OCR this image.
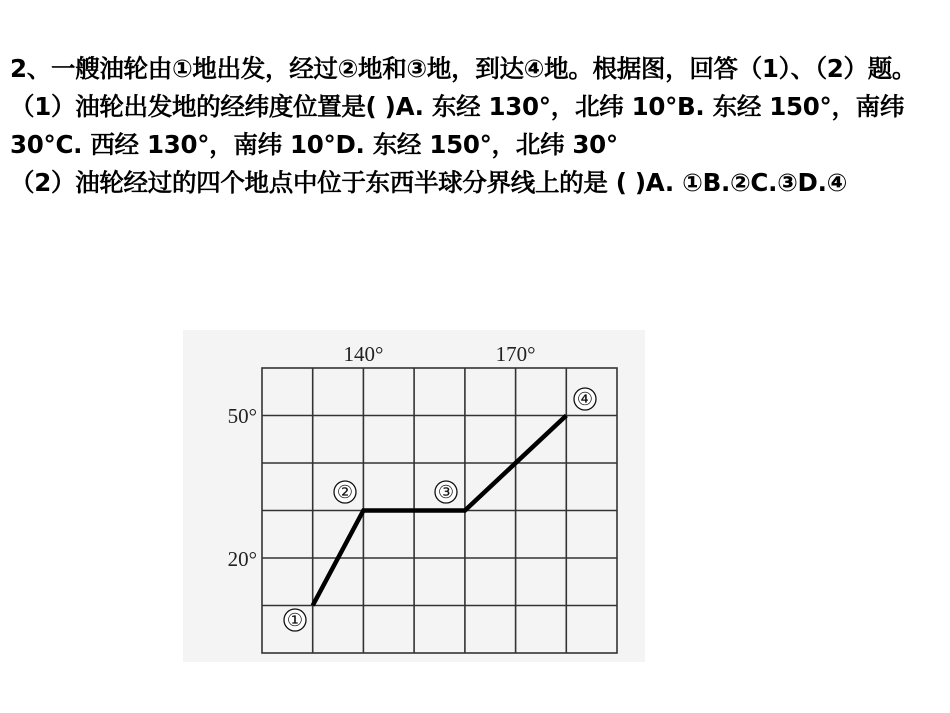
2、一艘油轮由①地出发，经过②地和③地，到达④地。根据图，回答（1）、（2）题。

（1）油轮出发地的经纬度位置是( )A. 东经 130°，北纬 10°B. 东经 150°，南纬 30°C. 西经 130°，南纬 10°D. 东经 150°，北纬 30°

（2）油轮经过的四个地点中位于东西半球分界线上的是 ( )A. ①B.②C.③D.④

140°	170°
50°
20°
①
②	③
④
